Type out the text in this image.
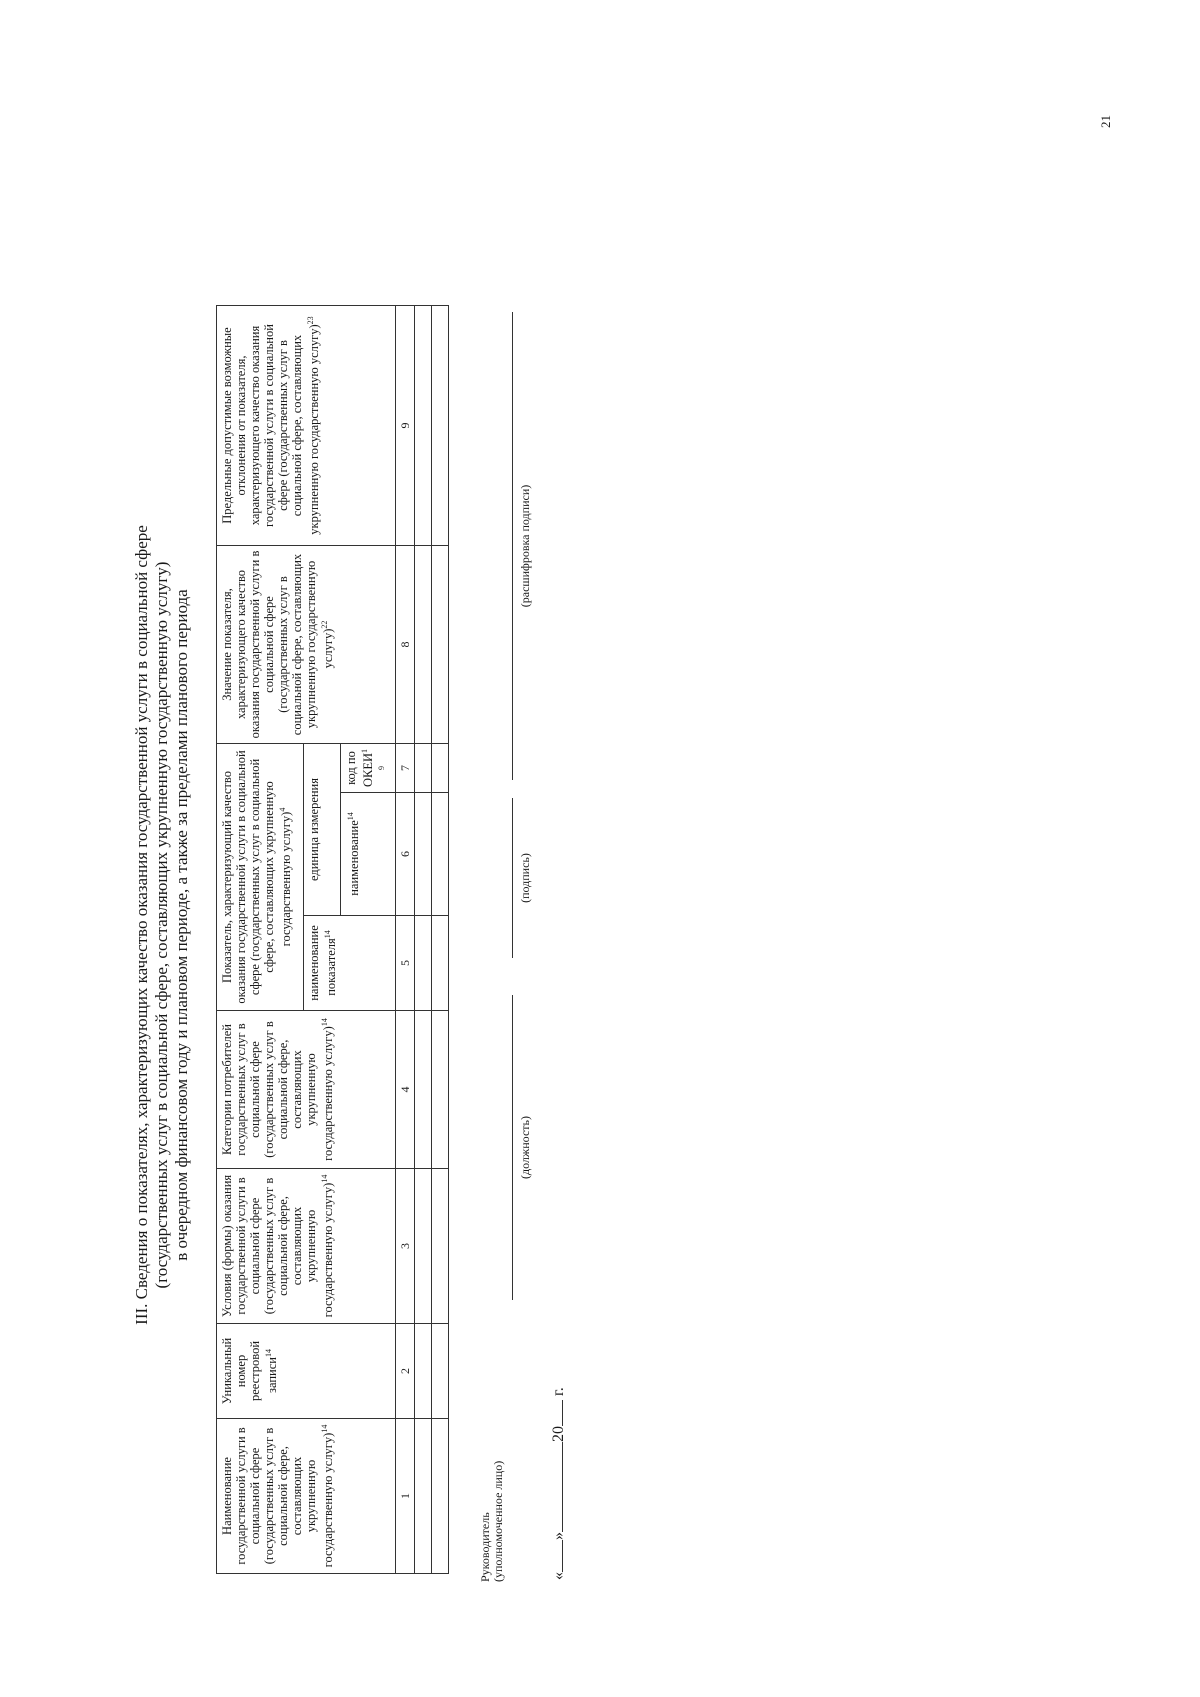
21
III. Сведения о показателях, характеризующих качество оказания государственной услуги в социальной сфере (государственных услуг в социальной сфере, составляющих укрупненную государственную услугу) в очередном финансовом году и плановом периоде, а также за пределами планового периода
Наименование государственной услуги в социальной сфере (государственных услуг в социальной сфере, составляющих укрупненную государственную услугу)$^{14}$	Уникальный номер реестровой записи$^{14}$	Условия (формы) оказания государственной услуги в социальной сфере (государственных услуг в социальной сфере, составляющих укрупненную государственную услугу)$^{14}$	Категории потребителей государственных услуг в социальной сфере (государственных услуг в социальной сфере, составляющих укрупненную государственную услугу)$^{14}$	Показатель, характеризующий качество оказания государственной услуги в социальной сфере (государственных услуг в социальной сфере, составляющих укрупненную государственную услугу)$^4$			Значение показателя, характеризующего качество оказания государственной услуги в социальной сфере (государственных услуг в социальной сфере, составляющих укрупненную государственную услугу)$^{22}$	Предельные допустимые возможные отклонения от показателя, характеризующего качество оказания государственной услуги в социальной сфере (государственных услуг в социальной сфере, составляющих укрупненную государственную услугу)$^{23}$
				наименование показателя$^{14}$	единица измерения			
					наименование$^{14}$	код по ОКЕИ$^{19}$
1	2	3	4	5	6	7	8	9

Руководитель (уполномоченное лицо)
(должность)
(подпись)
(расшифровка подписи)
«»20 г.
